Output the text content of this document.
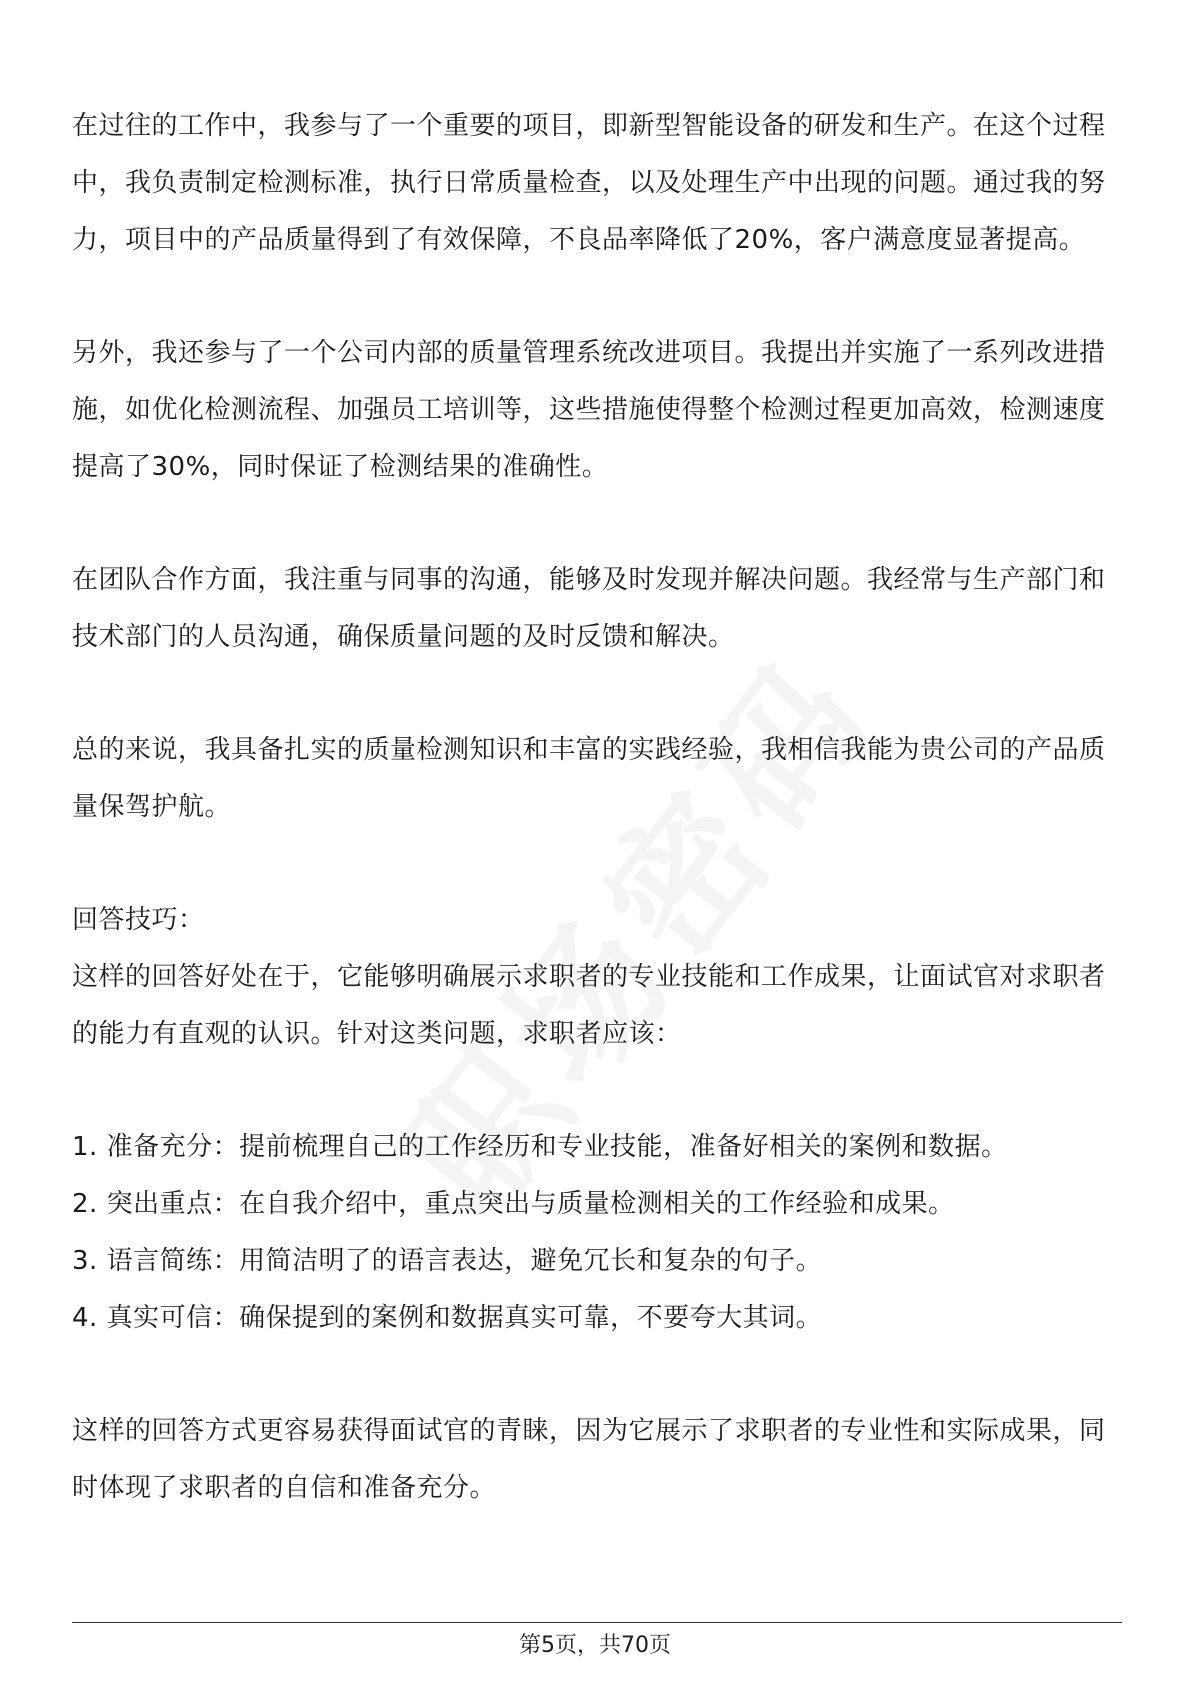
在过往的工作中，我参与了一个重要的项目，即新型智能设备的研发和生产。在这个过程中，我负责制定检测标准，执行日常质量检查，以及处理生产中出现的问题。通过我的努力，项目中的产品质量得到了有效保障，不良品率降低了20%，客户满意度显著提高。

另外，我还参与了一个公司内部的质量管理系统改进项目。我提出并实施了一系列改进措施，如优化检测流程、加强员工培训等，这些措施使得整个检测过程更加高效，检测速度提高了30%，同时保证了检测结果的准确性。

在团队合作方面，我注重与同事的沟通，能够及时发现并解决问题。我经常与生产部门和技术部门的人员沟通，确保质量问题的及时反馈和解决。

总的来说，我具备扎实的质量检测知识和丰富的实践经验，我相信我能为贵公司的产品质量保驾护航。

回答技巧：

这样的回答好处在于，它能够明确展示求职者的专业技能和工作成果，让面试官对求职者的能力有直观的认识。针对这类问题，求职者应该：

1. 准备充分：提前梳理自己的工作经历和专业技能，准备好相关的案例和数据。
2. 突出重点：在自我介绍中，重点突出与质量检测相关的工作经验和成果。
3. 语言简练：用简洁明了的语言表达，避免冗长和复杂的句子。
4. 真实可信：确保提到的案例和数据真实可靠，不要夸大其词。

这样的回答方式更容易获得面试官的青睐，因为它展示了求职者的专业性和实际成果，同时体现了求职者的自信和准备充分。

第5页，共70页
